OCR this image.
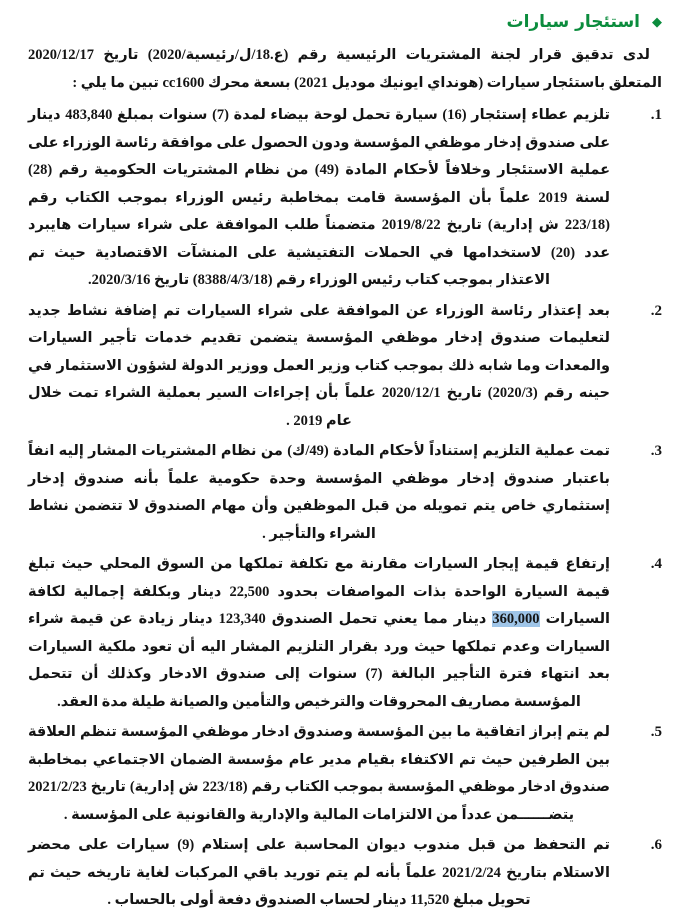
◆
استئجار سيارات

لدى تدقيق قرار لجنة المشتريات الرئيسية رقم (ع.18/ل/رئيسية/2020) تاريخ 2020/12/17 المتعلق باستئجار سيارات (هونداي ايونيك موديل 2021) بسعة محرك cc1600 تبين ما يلي :

1.

تلزيم عطاء إستئجار (16) سيارة تحمل لوحة بيضاء لمدة (7) سنوات بمبلغ 483,840 دينار على صندوق إدخار موظفي المؤسسة ودون الحصول على موافقة رئاسة الوزراء على عملية الاستئجار وخلافاً لأحكام المادة (49) من نظام المشتريات الحكومية رقم (28) لسنة 2019 علماً بأن المؤسسة قامت بمخاطبة رئيس الوزراء بموجب الكتاب رقم (223/18 ش إدارية) تاريخ 2019/8/22 متضمناً طلب الموافقة على شراء سيارات هايبرد عدد (20) لاستخدامها في الحملات التفتيشية على المنشآت الاقتصادية حيث تم الاعتذار بموجب كتاب رئيس الوزراء رقم (8388/4/3/18) تاريخ 2020/3/16.

2.

بعد إعتذار رئاسة الوزراء عن الموافقة على شراء السيارات تم إضافة نشاط جديد لتعليمات صندوق إدخار موظفي المؤسسة يتضمن تقديم خدمات تأجير السيارات والمعدات وما شابه ذلك بموجب كتاب وزير العمل ووزير الدولة لشؤون الاستثمار في حينه رقم (2020/3) تاريخ 2020/12/1 علماً بأن إجراءات السير بعملية الشراء تمت خلال عام 2019 .

3.

تمت عملية التلزيم إستناداً لأحكام المادة (49/ك) من نظام المشتريات المشار إليه انفاً باعتبار صندوق إدخار موظفي المؤسسة وحدة حكومية علماً بأنه صندوق إدخار إستثماري خاص يتم تمويله من قبل الموظفين وأن مهام الصندوق لا تتضمن نشاط الشراء والتأجير .

4.

إرتفاع قيمة إيجار السيارات مقارنة مع تكلفة تملكها من السوق المحلي حيث تبلغ قيمة السيارة الواحدة بذات المواصفات بحدود 22,500 دينار وبكلفة إجمالية لكافة السيارات 360,000 دينار مما يعني تحمل الصندوق 123,340 دينار زيادة عن قيمة شراء السيارات وعدم تملكها حيث ورد بقرار التلزيم المشار اليه أن تعود ملكية السيارات بعد انتهاء فترة التأجير البالغة (7) سنوات إلى صندوق الادخار وكذلك أن تتحمل المؤسسة مصاريف المحروقات والترخيص والتأمين والصيانة طيلة مدة العقد.

5.

لم يتم إبراز اتفاقية ما بين المؤسسة وصندوق ادخار موظفي المؤسسة تنظم العلاقة بين الطرفين حيث تم الاكتفاء بقيام مدير عام مؤسسة الضمان الاجتماعي بمخاطبة صندوق ادخار موظفي المؤسسة بموجب الكتاب رقم (223/18 ش إدارية) تاريخ 2021/2/23 يتضــــــمن عدداً من الالتزامات المالية والإدارية والقانونية على المؤسسة .

6.

تم التحفظ من قبل مندوب ديوان المحاسبة على إستلام (9) سيارات على محضر الاستلام بتاريخ 2021/2/24 علماً بأنه لم يتم توريد باقي المركبات لغاية تاريخه حيث تم تحويل مبلغ 11,520 دينار لحساب الصندوق دفعة أولى بالحساب .
